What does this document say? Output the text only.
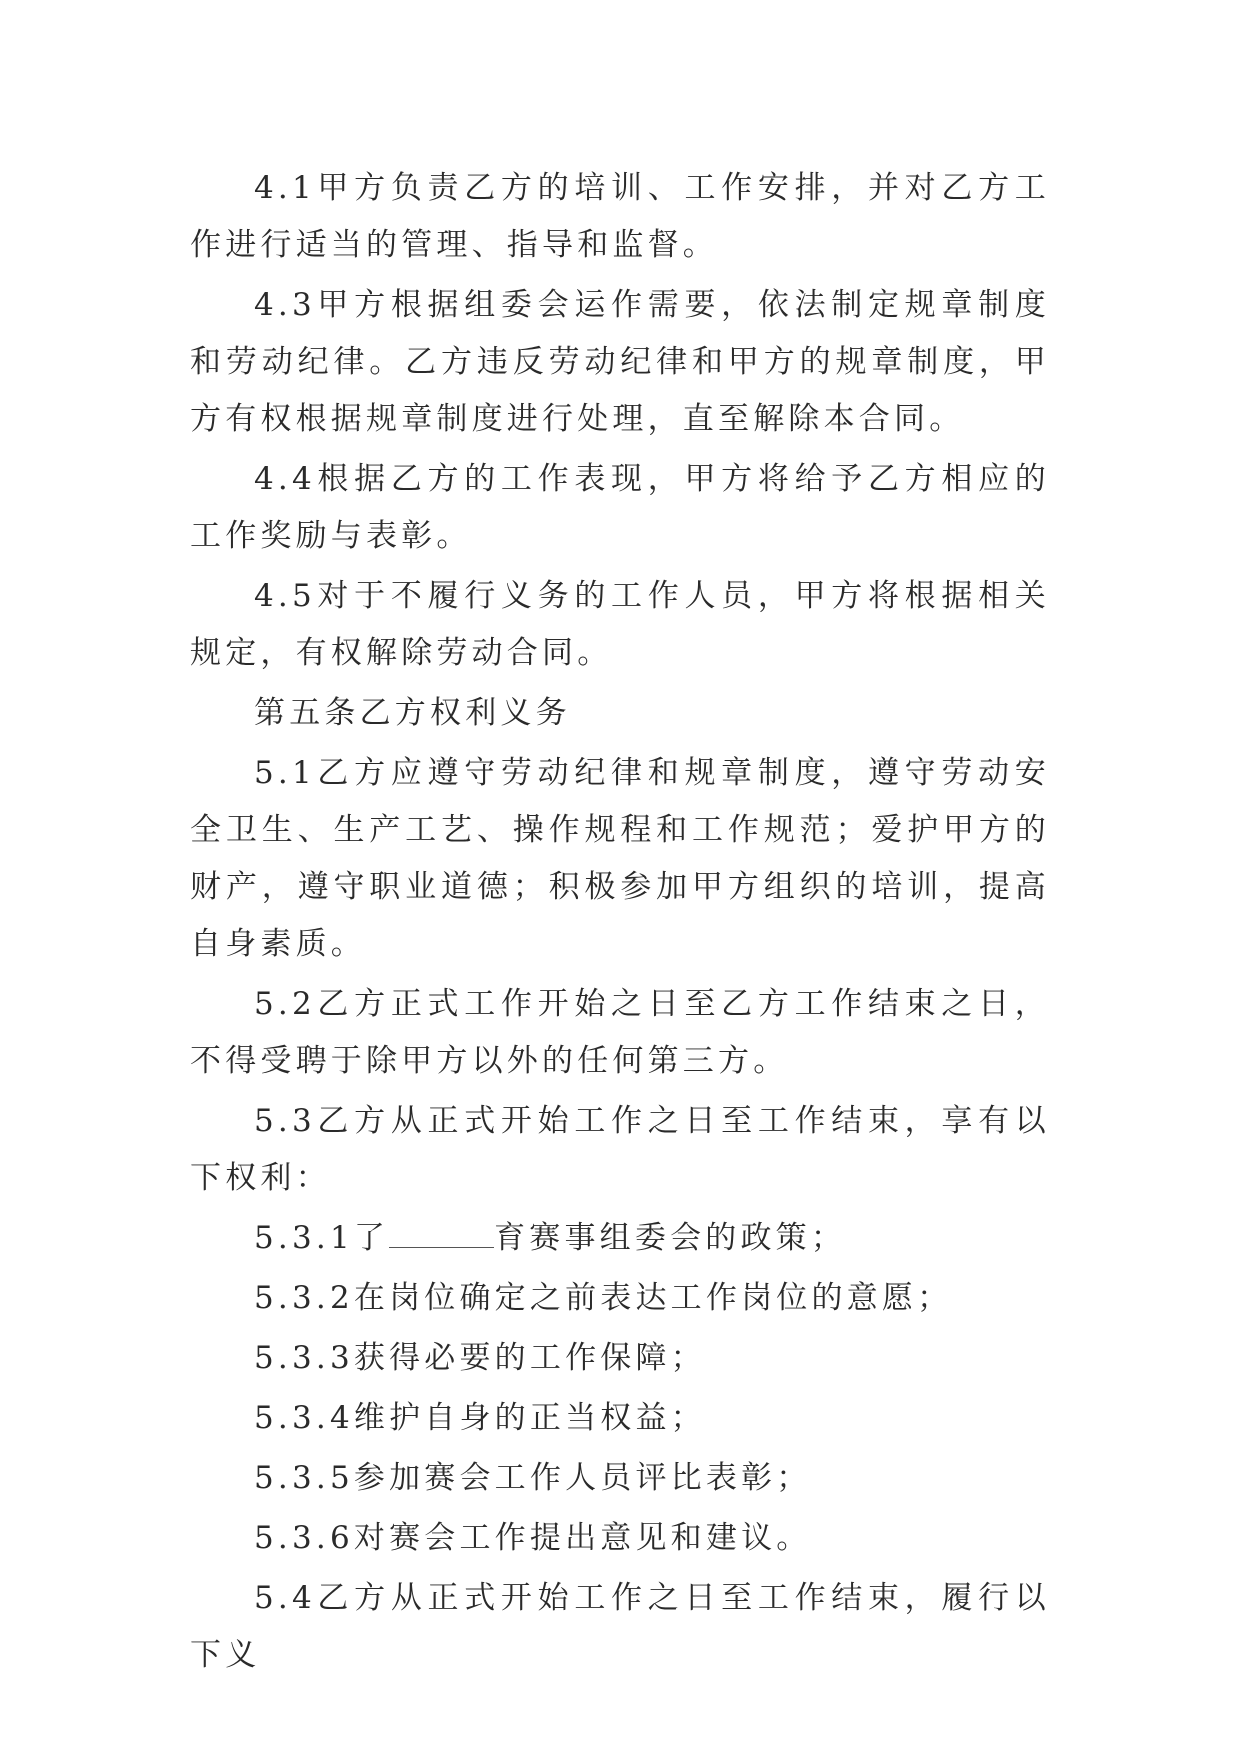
4.1甲方负责乙方的培训、工作安排，并对乙方工作进行适当的管理、指导和监督。

4.3甲方根据组委会运作需要，依法制定规章制度和劳动纪律。乙方违反劳动纪律和甲方的规章制度，甲方有权根据规章制度进行处理，直至解除本合同。

4.4根据乙方的工作表现，甲方将给予乙方相应的工作奖励与表彰。

4.5对于不履行义务的工作人员，甲方将根据相关规定，有权解除劳动合同。

第五条乙方权利义务

5.1乙方应遵守劳动纪律和规章制度，遵守劳动安全卫生、生产工艺、操作规程和工作规范；爱护甲方的财产，遵守职业道德；积极参加甲方组织的培训，提高自身素质。

5.2乙方正式工作开始之日至乙方工作结束之日，不得受聘于除甲方以外的任何第三方。

5.3乙方从正式开始工作之日至工作结束，享有以下权利：

5.3.1了	育赛事组委会的政策；

5.3.2在岗位确定之前表达工作岗位的意愿；

5.3.3获得必要的工作保障；

5.3.4维护自身的正当权益；

5.3.5参加赛会工作人员评比表彰；

5.3.6对赛会工作提出意见和建议。

5.4乙方从正式开始工作之日至工作结束，履行以下义
